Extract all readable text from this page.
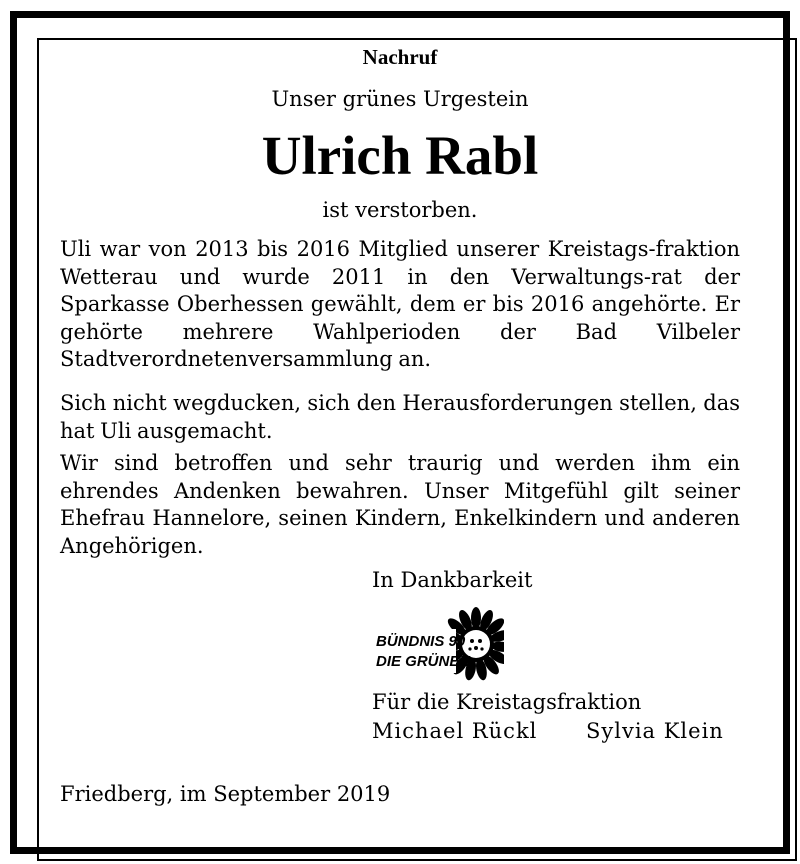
Nachruf

Unser grünes Urgestein

Ulrich Rabl

ist verstorben.

Uli war von 2013 bis 2016 Mitglied unserer Kreistags-fraktion Wetterau und wurde 2011 in den Verwaltungs-rat der Sparkasse Oberhessen gewählt, dem er bis 2016 angehörte. Er gehörte mehrere Wahlperioden der Bad Vilbeler Stadtverordnetenversammlung an.

Sich nicht wegducken, sich den Herausforderungen stellen, das hat Uli ausgemacht.

Wir sind betroffen und sehr traurig und werden ihm ein ehrendes Andenken bewahren. Unser Mitgefühl gilt seiner Ehefrau Hannelore, seinen Kindern, Enkelkindern und anderen Angehörigen.

In Dankbarkeit
BÜNDNIS 90
DIE GRÜNEN
Für die Kreistagsfraktion
Michael Rückl Sylvia Klein
Friedberg, im September 2019
